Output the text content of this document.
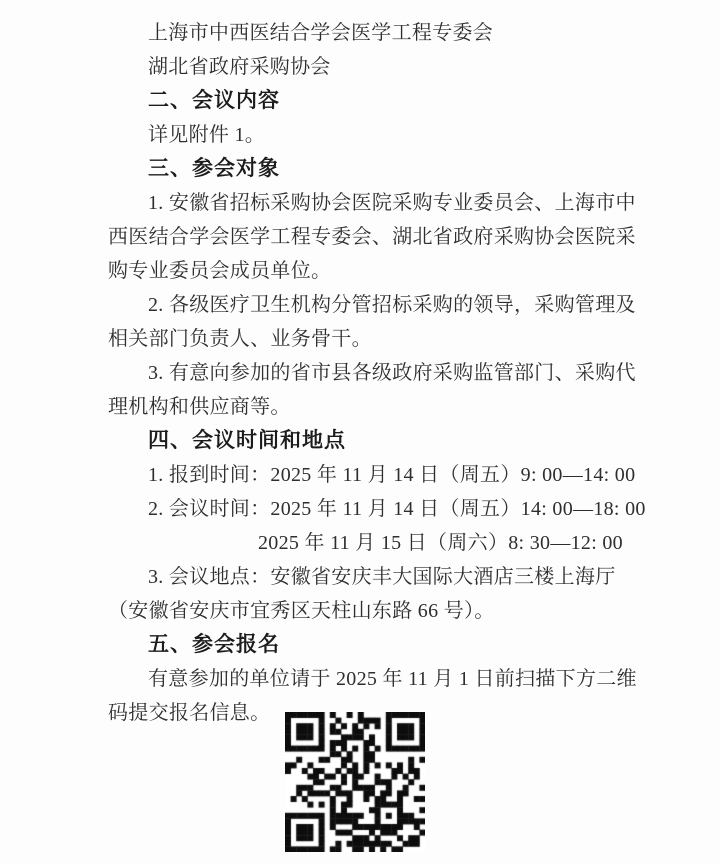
上海市中西医结合学会医学工程专委会
湖北省政府采购协会
二、会议内容
详见附件 1。
三、参会对象
1. 安徽省招标采购协会医院采购专业委员会、上海市中
西医结合学会医学工程专委会、湖北省政府采购协会医院采
购专业委员会成员单位。
2. 各级医疗卫生机构分管招标采购的领导，采购管理及
相关部门负责人、业务骨干。
3. 有意向参加的省市县各级政府采购监管部门、采购代
理机构和供应商等。
四、会议时间和地点
1. 报到时间：2025 年 11 月 14 日（周五）9: 00—14: 00
2. 会议时间：2025 年 11 月 14 日（周五）14: 00—18: 00
2025 年 11 月 15 日（周六）8: 30—12: 00
3. 会议地点：安徽省安庆丰大国际大酒店三楼上海厅
（安徽省安庆市宜秀区天柱山东路 66 号）。
五、参会报名
有意参加的单位请于 2025 年 11 月 1 日前扫描下方二维
码提交报名信息。
